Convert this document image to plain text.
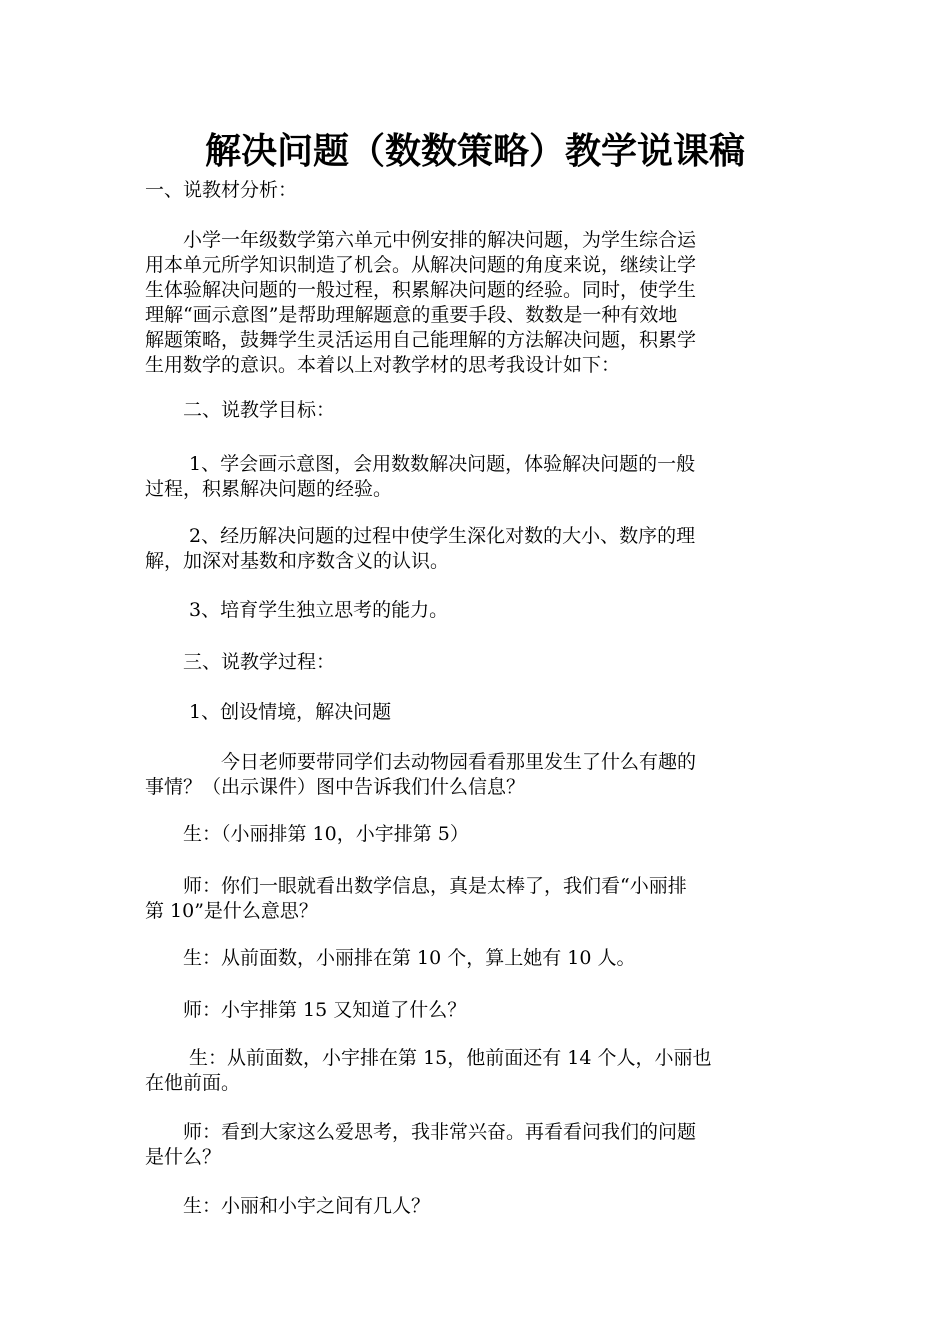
解决问题（数数策略）教学说课稿
一、说教材分析：
　　小学一年级数学第六单元中例安排的解决问题，为学生综合运
用本单元所学知识制造了机会。从解决问题的角度来说，继续让学
生体验解决问题的一般过程，积累解决问题的经验。同时，使学生
理解“画示意图”是帮助理解题意的重要手段、数数是一种有效地
解题策略，鼓舞学生灵活运用自己能理解的方法解决问题，积累学
生用数学的意识。本着以上对教学材的思考我设计如下：
　　二、说教学目标：
　　 1、学会画示意图，会用数数解决问题，体验解决问题的一般
过程，积累解决问题的经验。
　　 2、经历解决问题的过程中使学生深化对数的大小、数序的理
解，加深对基数和序数含义的认识。
　　 3、培育学生独立思考的能力。
　　三、说教学过程：
　　 1、创设情境，解决问题
　　　　今日老师要带同学们去动物园看看那里发生了什么有趣的
事情？（出示课件）图中告诉我们什么信息？
　　生：（小丽排第 10，小宇排第 5）
　　师：你们一眼就看出数学信息，真是太棒了，我们看“小丽排
第 10”是什么意思？
　　生：从前面数，小丽排在第 10 个，算上她有 10 人。
　　师：小宇排第 15 又知道了什么？
　　 生：从前面数，小宇排在第 15，他前面还有 14 个人，小丽也
在他前面。
　　师：看到大家这么爱思考，我非常兴奋。再看看问我们的问题
是什么？
　　生：小丽和小宇之间有几人？
